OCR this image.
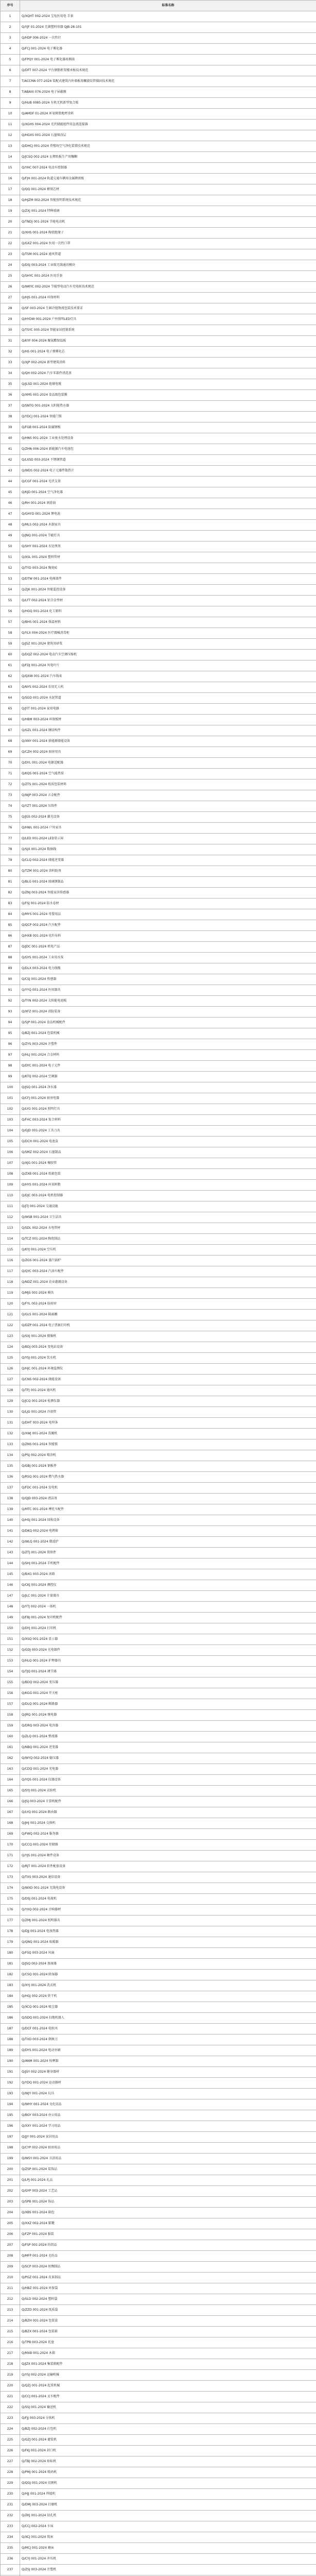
序号	标准名称
1	Q/XQHT 002-2024 宝龟医用电 手套
2	Q/YJF 01-2024 无菌塑料容器 QJB-28-101
3	Q/HDP 006-2024 一次性针
4	Q/FCJ 001-2024 电子雾化器
5	Q/FPQY 001-2024 电子雾化器用烟油
6	Q/DFT 007-2024 平台钢筋桁架楼承板技术规范
7	T/ACCMA 077-2024 装配式建筑内外墙板用螺旋纹管锚固技术规范
8	T/ABAXI 076-2024 电子屏蔽膜
9	Q/HUB 0085-2024 有机无机新型复合板
10	Q/AMDF 01-2024 环氧树脂地坪涂料
11	Q/XGHS 004-2024 光伏储能组件用直流连接器
12	Q/HGXS 001-2024 石墨烯涂层
13	Q/DHCJ 001-2024 养殖场空气净化装置技术规范
14	Q/JCSQ 002-2024 瓦楞纸板生产用糨糊
15	Q/YHC 007-2024 电动车控制器
16	Q/FJH 001-2024 轨道交通车辆用金属蜂窝板
17	Q/QQ 001-2024 蜂窝芯材
18	Q/HJZM 002-2024 智能照明系统技术规范
19	Q/ZXJ 001-2024 特种玻璃
20	Q/TNDJ 001-2024 节能电动机
21	Q/XHS 001-2024 陶瓷绝缘子
22	Q/GXZ 001-2024 医用一次性口罩
23	Q/TSM 001-2024 通风管道
24	Q/DSJ 003-2024 工业级无线通讯模块
25	Q/SHYC 001-2024 医用手套
26	Q/WKYC 002-2024 节能型电动汽车充电桩技术规范
27	Q/HJS 001-2024 环保材料
28	Q/SF 003-2024 生鲜冷链物流包装技术要求
29	Q/HYDW 001-2024 户外照明LED灯具
30	Q/TSYC 005-2024 智能家居控制系统
31	Q/KYF 004-2024 聚氨酯保温板
32	Q/HS 001-2024 电子烟雾化芯
33	Q/XJP 002-2024 新型建筑涂料
34	Q/QH 002-2024 汽车零部件清洗剂
35	Q/JLSD 001-2024 绝缘电缆
36	Q/XMS 001-2024 食品级包装膜
37	Q/SNTG 001-2024 太阳能热水器
38	Q/YDCJ 001-2024 智能门锁
39	Q/FGB 001-2024 防腐钢板
40	Q/HNS 001-2024 工业废水处理设备
41	Q/ZHN 006-2024 新能源汽车电池包
42	Q/LXSD 003-2024 不锈钢管道
43	Q/WDS 002-2024 电子元器件散热片
44	Q/CGF 001-2024 光伏支架
45	Q/KJD 001-2024 空气净化器
46	Q/RH 001-2024 润滑油
47	Q/GHYD 001-2024 锂电池
48	Q/MLS 002-2024 木制家具
49	Q/JNQ 001-2024 节能灯具
50	Q/SHY 001-2024 水处理剂
51	Q/XSL 001-2024 塑料管材
52	Q/TYD 003-2024 陶瓷砖
53	Q/DTW 001-2024 电梯部件
54	Q/ZJK 001-2024 智能监控设备
55	Q/LFT 002-2024 铝合金型材
56	Q/HGQ 001-2024 化工原料
57	Q/BHS 001-2024 保温材料
58	Q/YLX 004-2024 医疗器械消毒柜
59	Q/JSZ 001-2024 建筑用砂浆
60	Q/DQZ 002-2024 电动汽车空调压缩机
61	Q/FDJ 001-2024 风电叶片
62	Q/QXW 001-2024 汽车线束
63	Q/NYS 002-2024 农用无人机
64	Q/SGD 001-2024 水泥管道
65	Q/JYT 001-2024 家用电器
66	Q/HBM 003-2024 环保板材
67	Q/GZL 001-2024 钢结构件
68	Q/XNY 001-2024 新能源储能设备
69	Q/CZH 002-2024 厨房用具
70	Q/DYL 001-2024 电源适配器
71	Q/KQS 001-2024 空气能热泵
72	Q/ZTS 001-2024 纸质包装材料
73	Q/WJP 003-2024 五金配件
74	Q/YZT 001-2024 压铸件
75	Q/JGS 002-2024 激光设备
76	Q/HWL 001-2024 户外家具
77	Q/LED 001-2024 LED显示屏
78	Q/SJX 001-2024 数据线
79	Q/CLQ 002-2024 储能逆变器
80	Q/TZM 001-2024 涂料助剂
81	Q/BLG 001-2024 玻璃钢制品
82	Q/ZNJ 003-2024 智能家居传感器
83	Q/FSJ 001-2024 防水卷材
84	Q/MYS 001-2024 母婴用品
85	Q/QCP 002-2024 汽车配件
86	Q/HXB 001-2024 化纤布料
87	Q/JDC 001-2024 机电产品
88	Q/GYS 001-2024 工业用水泵
89	Q/DLX 003-2024 电力线缆
90	Q/CSJ 001-2024 传感器
91	Q/YYQ 001-2024 医用器具
92	Q/TYN 002-2024 太阳能电池板
93	Q/XFZ 001-2024 消防装备
94	Q/SJP 001-2024 食品机械配件
95	Q/BZJ 001-2024 包装机械
96	Q/ZYS 003-2024 注塑件
97	Q/HLJ 001-2024 合金材料
98	Q/DYC 001-2024 电子元件
99	Q/KTQ 002-2024 空调器
100	Q/JSQ 001-2024 净水器
101	Q/CFJ 001-2024 厨房电器
102	Q/LYG 001-2024 照明灯具
103	Q/FHC 003-2024 复合材料
104	Q/GJD 001-2024 工具刀具
105	Q/DCH 001-2024 电池盒
106	Q/SMZ 002-2024 石墨制品
107	Q/XJG 001-2024 橡胶管
108	Q/ZXB 001-2024 纸箱包装
109	Q/HYS 001-2024 环氧树脂
110	Q/DJC 003-2024 电机控制器
111	Q/JTJ 001-2024 交通设施
112	Q/WSB 001-2024 卫生洁具
113	Q/SDL 002-2024 水电管材
114	Q/TCZ 001-2024 陶瓷制品
115	Q/KYJ 001-2024 空压机
116	Q/ZGS 001-2024 蒸汽锅炉
117	Q/QYC 003-2024 汽油车配件
118	Q/NDZ 001-2024 农业灌溉设备
119	Q/MJS 001-2024 模具
120	Q/FYL 002-2024 防雨帘
121	Q/GLS 001-2024 隔离栅
122	Q/DZP 001-2024 电子票据打印机
123	Q/SXJ 001-2024 摄像机
124	Q/BDJ 003-2024 变电站设备
125	Q/YSJ 001-2024 饮水机
126	Q/HJC 001-2024 环境监测仪
127	Q/CNS 002-2024 储能设备
128	Q/TFJ 001-2024 通风机
129	Q/JCQ 001-2024 检测仪器
130	Q/LJG 001-2024 冷却管
131	Q/DHT 003-2024 电焊条
132	Q/XWJ 001-2024 洗碗机
133	Q/ZNS 001-2024 智能锁
134	Q/PSJ 002-2024 喷涂机
135	Q/GBJ 001-2024 钢板件
136	Q/RSQ 001-2024 燃气热水器
137	Q/FDC 001-2024 发电机
138	Q/QJD 003-2024 清洁剂
139	Q/MTC 001-2024 摩托车配件
140	Q/HSJ 001-2024 回收设备
141	Q/DKQ 002-2024 电烤箱
142	Q/WLQ 001-2024 微波炉
143	Q/ZTJ 001-2024 铸铁件
144	Q/SHJ 001-2024 手机配件
145	Q/BXG 003-2024 冰箱
146	Q/CKJ 001-2024 测控仪
147	Q/JLC 001-2024 计量器具
148	Q/YTJ 002-2024 一体机
149	Q/FBJ 001-2024 复印机配件
150	Q/DYJ 001-2024 打印机
151	Q/XSQ 001-2024 显示器
152	Q/GDJ 003-2024 光电器件
153	Q/HLQ 001-2024 护理器具
154	Q/TJQ 001-2024 调节器
155	Q/BDQ 002-2024 变压器
156	Q/KGG 001-2024 开关柜
157	Q/DLQ 001-2024 断路器
158	Q/JRQ 001-2024 继电器
159	Q/DRQ 003-2024 电容器
160	Q/ZLQ 001-2024 整流器
161	Q/NBQ 001-2024 逆变器
162	Q/WYQ 002-2024 稳压器
163	Q/CDQ 001-2024 充电器
164	Q/YQS 001-2024 仪器设备
165	Q/SYJ 001-2024 试验机
166	Q/JSJ 003-2024 计算机配件
167	Q/LYQ 001-2024 路由器
168	Q/JHJ 001-2024 交换机
169	Q/FWQ 002-2024 服务器
170	Q/CCQ 001-2024 存储器
171	Q/YJS 001-2024 硬件设备
172	Q/RJT 001-2024 软件配套设备
173	Q/TXS 003-2024 通信设备
174	Q/WXD 001-2024 无线电设备
175	Q/DSJ 001-2024 电视机
176	Q/YXQ 002-2024 音响器材
177	Q/ZMJ 001-2024 照明器具
178	Q/DJJ 001-2024 电加热器
179	Q/QNQ 001-2024 取暖器
180	Q/FSQ 003-2024 风扇
181	Q/JSQ 002-2024 加湿器
182	Q/CSQ 001-2024 除湿器
183	Q/XYJ 001-2024 洗衣机
184	Q/HGJ 002-2024 烘干机
185	Q/XCQ 001-2024 吸尘器
186	Q/SDQ 001-2024 扫地机器人
187	Q/DCF 001-2024 电吹风
188	Q/TXD 003-2024 剃须刀
189	Q/DYS 001-2024 电动牙刷
190	Q/ANM 001-2024 按摩器
191	Q/JSY 002-2024 健身器材
192	Q/YDQ 001-2024 运动器材
193	Q/WJY 001-2024 玩具
194	Q/WHY 001-2024 文化用品
195	Q/BGY 003-2024 办公用品
196	Q/XXY 001-2024 学习用品
197	Q/JJY 001-2024 家居用品
198	Q/CYP 002-2024 厨房用品
199	Q/WSY 001-2024 卫浴用品
200	Q/ZSP 001-2024 装饰品
201	Q/LPJ 001-2024 礼品
202	Q/GYP 003-2024 工艺品
203	Q/SPB 001-2024 饰品
204	Q/XBS 001-2024 箱包
205	Q/XXZ 002-2024 鞋靴
206	Q/FZP 001-2024 服装
207	Q/FSP 001-2024 纺织品
208	Q/MFP 001-2024 毛纺品
209	Q/SCP 003-2024 丝绸制品
210	Q/PGZ 001-2024 皮革制品
211	Q/HBZ 001-2024 环保袋
212	Q/SLD 002-2024 塑料袋
213	Q/ZZD 001-2024 纸质袋
214	Q/BZH 001-2024 包装盒
215	Q/BZX 001-2024 包装箱
216	Q/TPB 003-2024 托盘
217	Q/MXB 001-2024 木箱
218	Q/JZX 001-2024 集装箱配件
219	Q/YSJ 002-2024 运输机械
220	Q/QZJ 001-2024 起重机械
221	Q/CCJ 001-2024 叉车配件
222	Q/SSJ 001-2024 输送机
223	Q/FJJ 003-2024 分拣机
224	Q/BZJ 002-2024 打包机
225	Q/GZJ 001-2024 灌装机
226	Q/FKJ 001-2024 封口机
227	Q/TBJ 002-2024 贴标机
228	Q/PMJ 001-2024 喷码机
229	Q/QGJ 001-2024 切割机
230	Q/HJJ 001-2024 焊接机
231	Q/DMJ 003-2024 打磨机
232	Q/ZKJ 001-2024 钻孔机
233	Q/CCJ 002-2024 车床
234	Q/XCJ 001-2024 铣床
235	Q/MCJ 001-2024 磨床
236	Q/CYJ 001-2024 冲压机
237	Q/ZSJ 003-2024 注塑机
